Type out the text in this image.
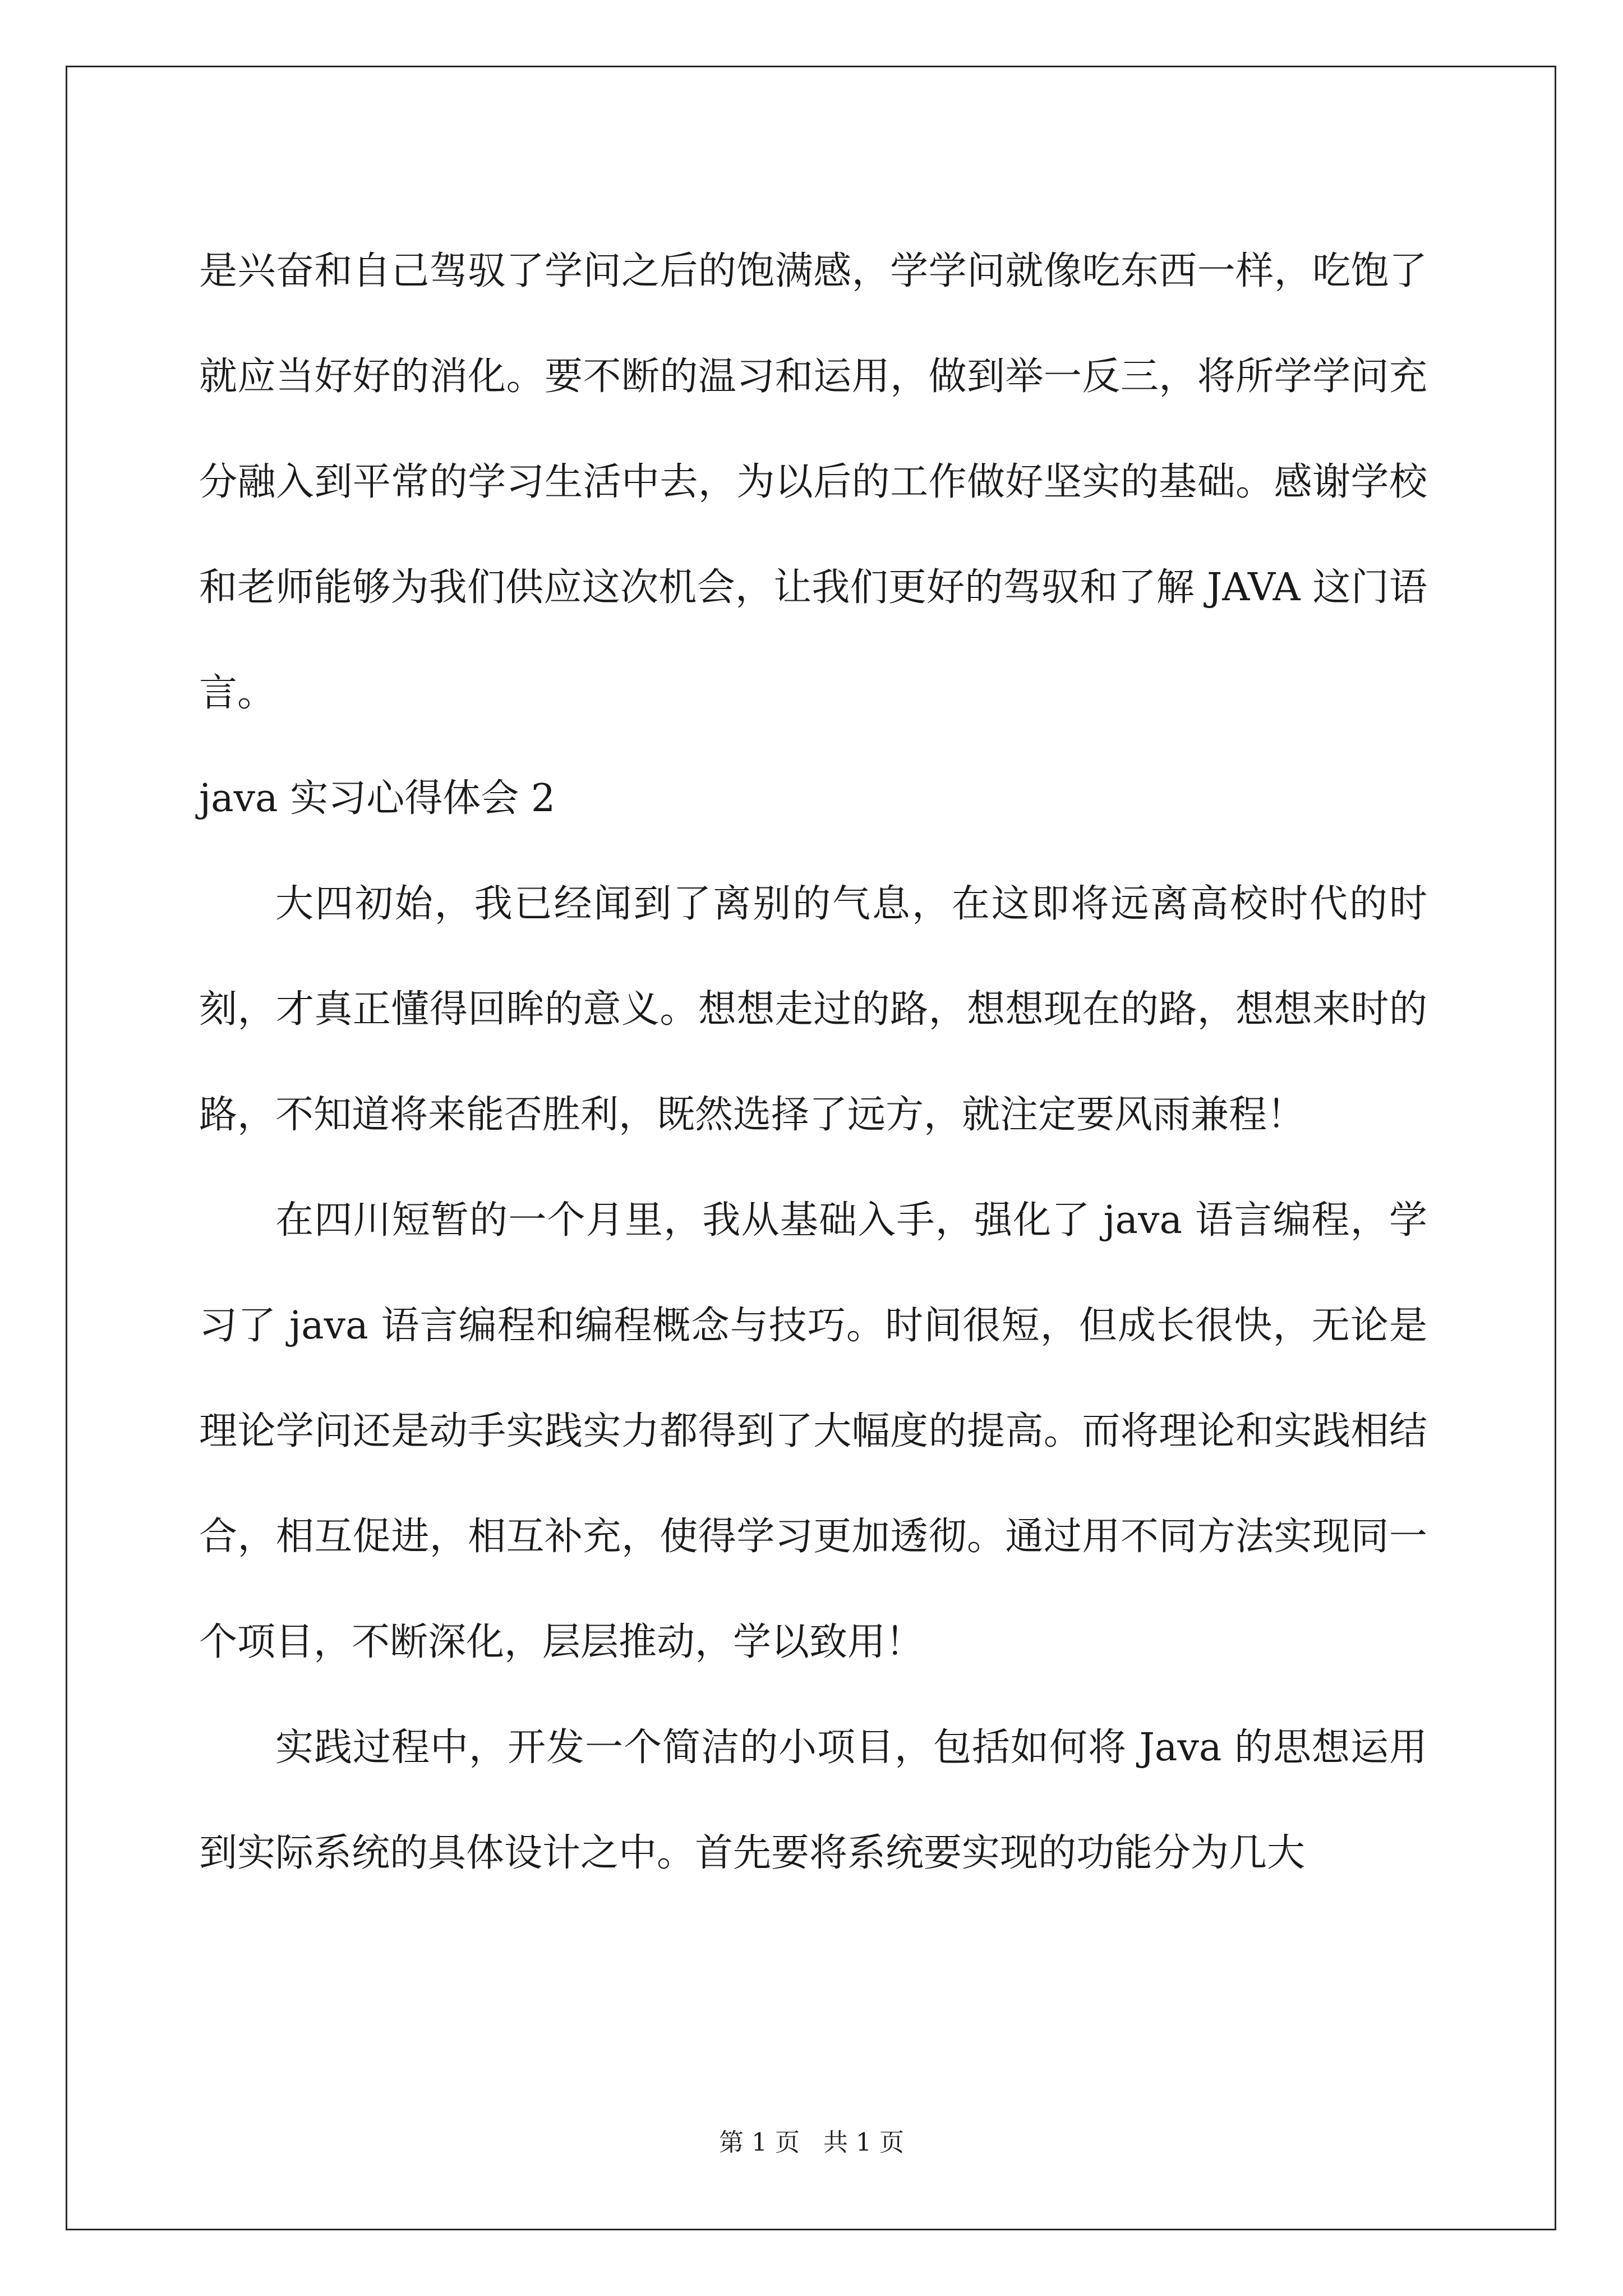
是兴奋和自己驾驭了学问之后的饱满感，学学问就像吃东西一样，吃饱了就应当好好的消化。要不断的温习和运用，做到举一反三，将所学学问充分融入到平常的学习生活中去，为以后的工作做好坚实的基础。感谢学校和老师能够为我们供应这次机会，让我们更好的驾驭和了解 JAVA 这门语言。

java 实习心得体会 2

大四初始，我已经闻到了离别的气息，在这即将远离高校时代的时刻，才真正懂得回眸的意义。想想走过的路，想想现在的路，想想来时的路，不知道将来能否胜利，既然选择了远方，就注定要风雨兼程！

在四川短暂的一个月里，我从基础入手，强化了 java 语言编程，学习了 java 语言编程和编程概念与技巧。时间很短，但成长很快，无论是理论学问还是动手实践实力都得到了大幅度的提高。而将理论和实践相结合，相互促进，相互补充，使得学习更加透彻。通过用不同方法实现同一个项目，不断深化，层层推动，学以致用！

实践过程中，开发一个简洁的小项目，包括如何将 Java 的思想运用到实际系统的具体设计之中。首先要将系统要实现的功能分为几大

第 1 页 共 1 页
